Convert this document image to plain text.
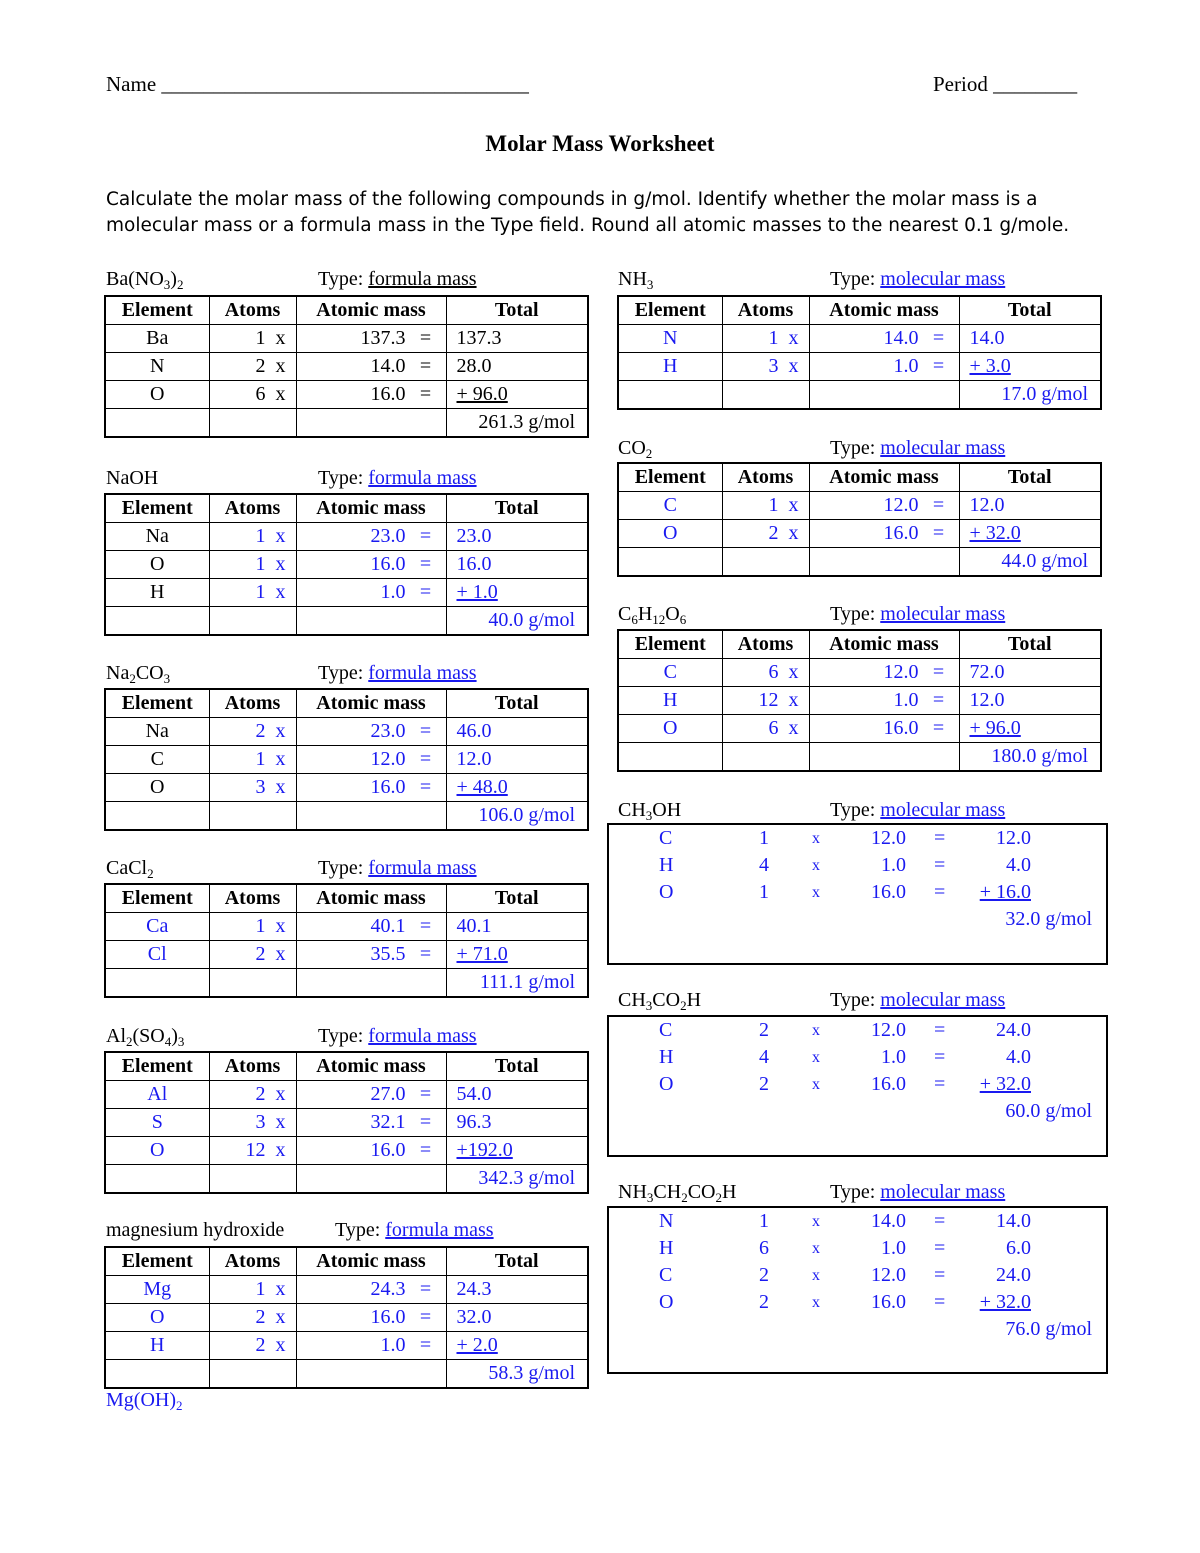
Name ___________________________________	Period ________
Molar Mass Worksheet
Calculate the molar mass of the following compounds in g/mol. Identify whether the molar mass is a molecular mass or a formula mass in the Type field. Round all atomic masses to the nearest 0.1 g/mole.
$Ba(NO_3)_2$	Type: formula mass
Element	Atoms	Atomic mass	Total
Ba	1 x	137.3 =	137.3
N	2 x	14.0 =	28.0
O	6 x	16.0 =	+ 96.0
			261.3 g/mol
NaOH	Type: formula mass
Element	Atoms	Atomic mass	Total
Na	1 x	23.0 =	23.0
O	1 x	16.0 =	16.0
H	1 x	1.0 =	+ 1.0
			40.0 g/mol
$Na_2CO_3$	Type: formula mass
Element	Atoms	Atomic mass	Total
Na	2 x	23.0 =	46.0
C	1 x	12.0 =	12.0
O	3 x	16.0 =	+ 48.0
			106.0 g/mol
CaCl$_2$	Type: formula mass
Element	Atoms	Atomic mass	Total
Ca	1 x	40.1 =	40.1
Cl	2 x	35.5 =	+ 71.0
			111.1 g/mol
$Al_2(SO_4)_3$	Type: formula mass
Element	Atoms	Atomic mass	Total
Al	2 x	27.0 =	54.0
S	3 x	32.1 =	96.3
O	12 x	16.0 =	+192.0
			342.3 g/mol
magnesium hydroxide	Type: formula mass
Element	Atoms	Atomic mass	Total
Mg	1 x	24.3 =	24.3
O	2 x	16.0 =	32.0
H	2 x	1.0 =	+ 2.0
			58.3 g/mol
$Mg(OH)_2$
$NH_3$	Type: molecular mass
Element	Atoms	Atomic mass	Total
N	1 x	14.0 =	14.0
H	3 x	1.0 =	+ 3.0
			17.0 g/mol
$CO_2$	Type: molecular mass
Element	Atoms	Atomic mass	Total
C	1 x	12.0 =	12.0
O	2 x	16.0 =	+ 32.0
			44.0 g/mol
$C_6H_{12}O_6$	Type: molecular mass
Element	Atoms	Atomic mass	Total
C	6 x	12.0 =	72.0
H	12 x	1.0 =	12.0
O	6 x	16.0 =	+ 96.0
			180.0 g/mol
$CH_3OH$	Type: molecular mass
C	1	x	12.0 =	12.0
H	4	x	1.0 =	4.0
O	1	x	16.0 = + 16.0
32.0 g/mol
$CH_3CO_2H$	Type: molecular mass
C	2	x	12.0 =	24.0
H	4	x	1.0 =	4.0
O	2	x	16.0 = + 32.0
60.0 g/mol
$NH_3CH_2CO_2H$	Type: molecular mass
N	1	x	14.0 =	14.0
H	6	x	1.0 =	6.0
C	2	x	12.0 =	24.0
O	2	x	16.0 = + 32.0
76.0 g/mol
